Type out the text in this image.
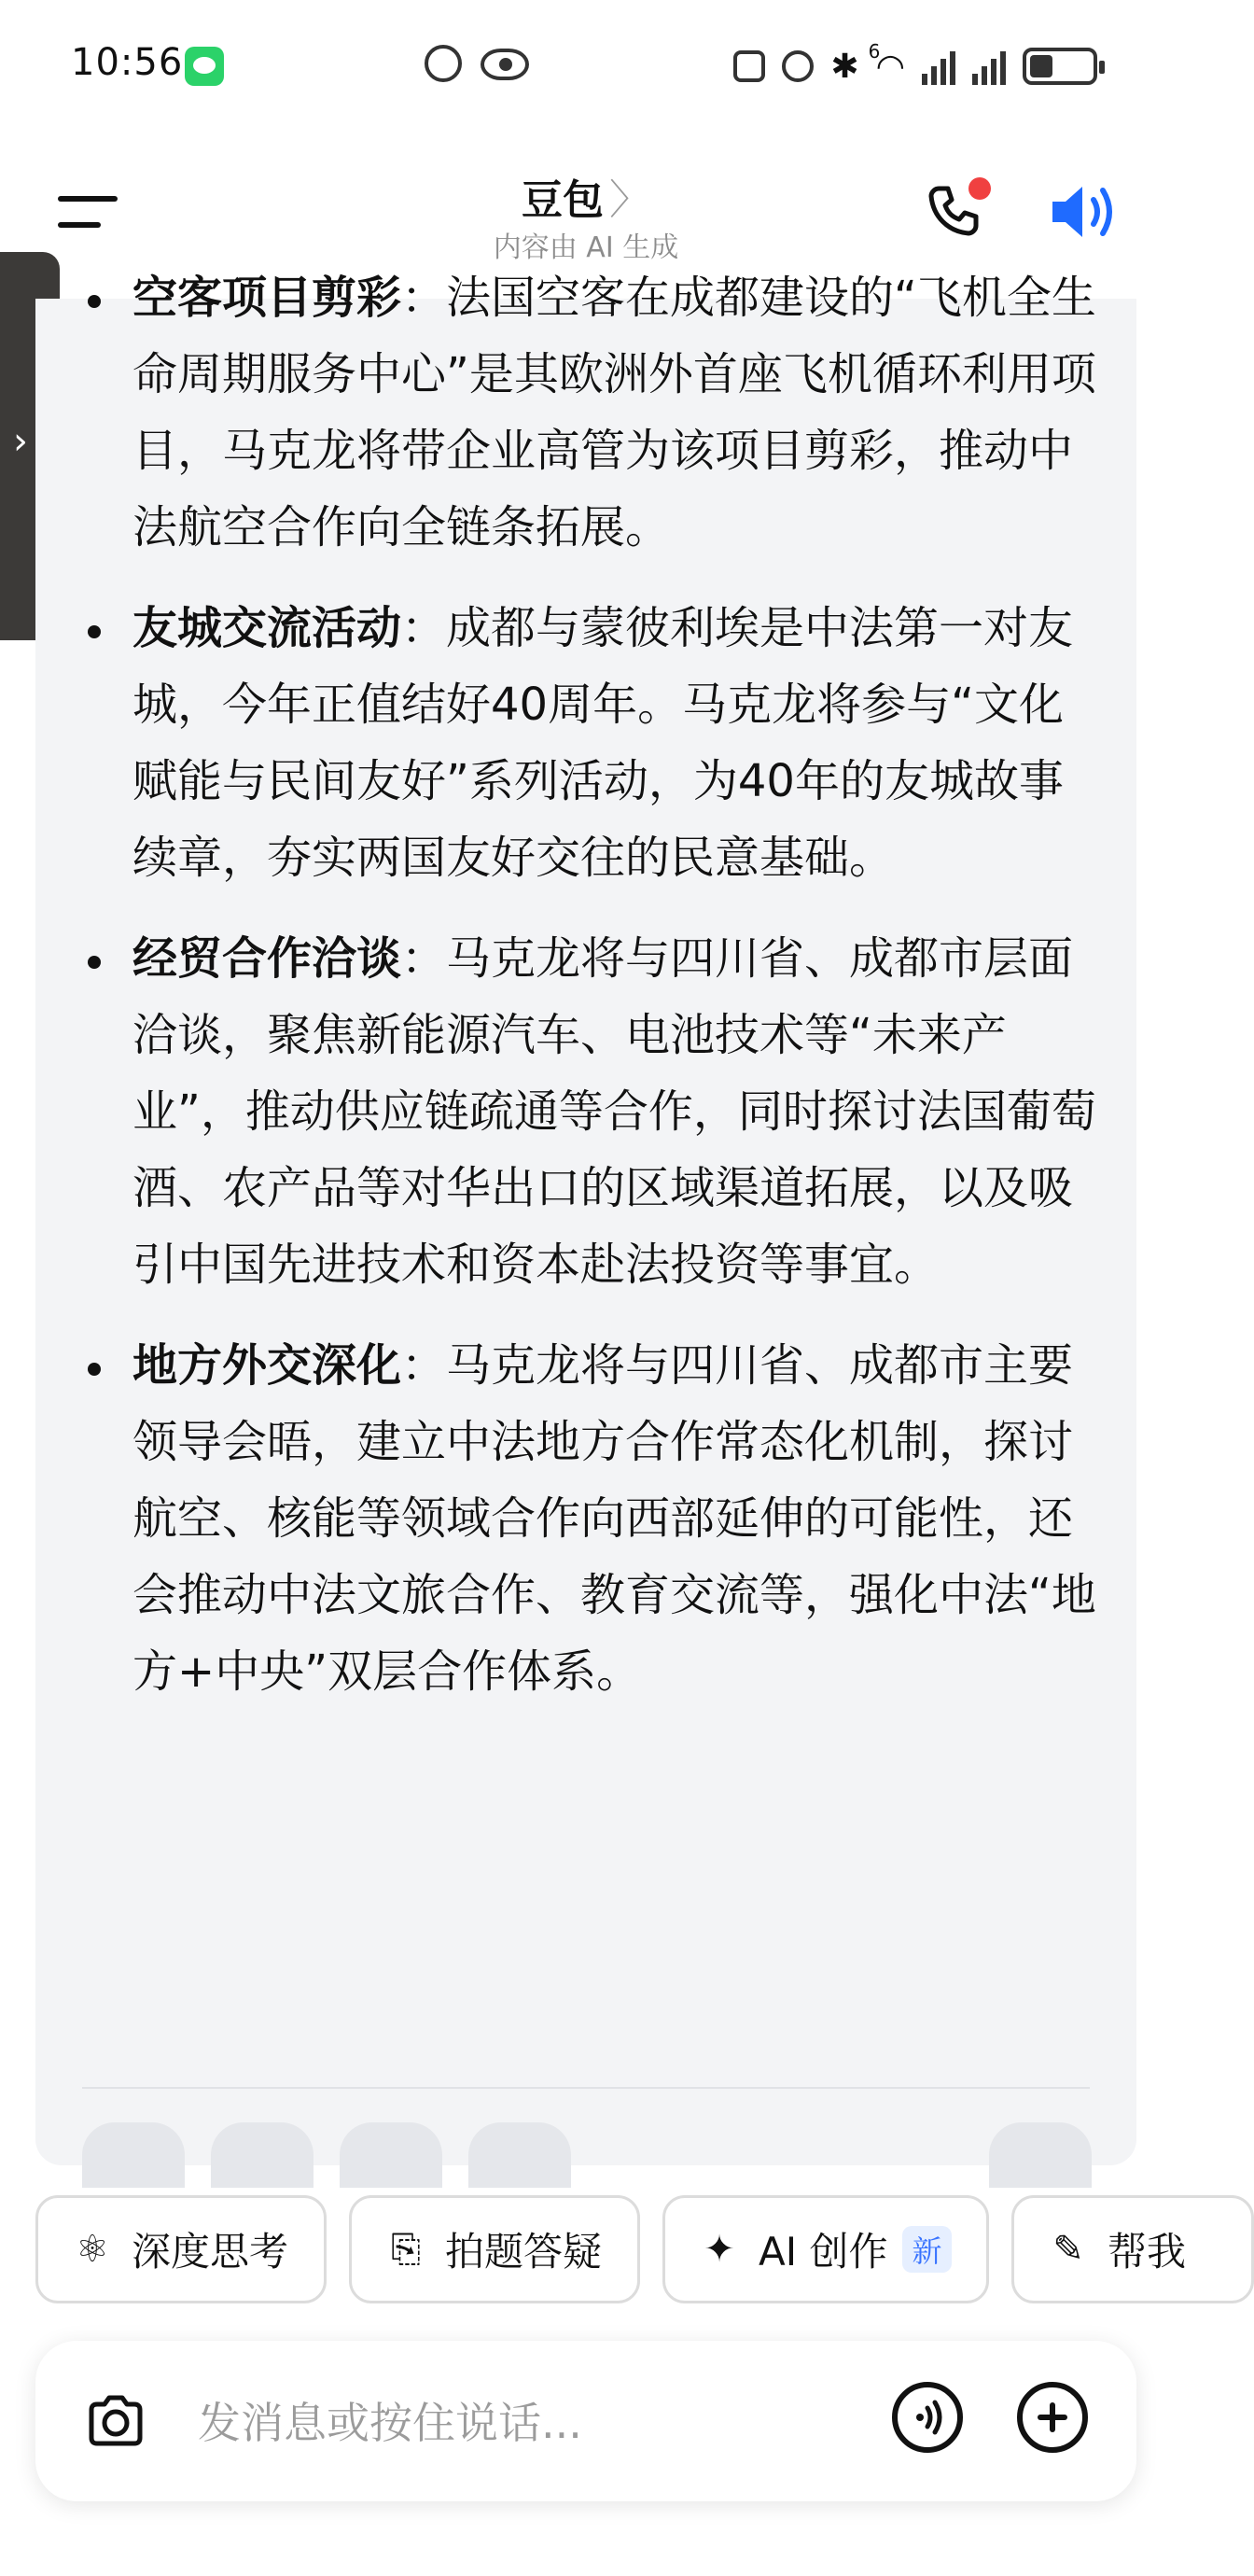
10:56	✱ 6
◠
豆包 〉
内容由 AI 生成
›
空客项目剪彩：法国空客在成都建设的“飞机全生命周期服务中心”是其欧洲外首座飞机循环利用项目，马克龙将带企业高管为该项目剪彩，推动中法航空合作向全链条拓展。
友城交流活动：成都与蒙彼利埃是中法第一对友城，今年正值结好40周年。马克龙将参与“文化赋能与民间友好”系列活动，为40年的友城故事续章，夯实两国友好交往的民意基础。
经贸合作洽谈：马克龙将与四川省、成都市层面洽谈，聚焦新能源汽车、电池技术等“未来产业”，推动供应链疏通等合作，同时探讨法国葡萄酒、农产品等对华出口的区域渠道拓展，以及吸引中国先进技术和资本赴法投资等事宜。
地方外交深化：马克龙将与四川省、成都市主要领导会晤，建立中法地方合作常态化机制，探讨航空、核能等领域合作向西部延伸的可能性，还会推动中法文旅合作、教育交流等，强化中法“地方+中央”双层合作体系。
⚛ 深度思考	⎘ 拍题答疑	✦ AI 创作 新	✎ 帮我
发消息或按住说话...
